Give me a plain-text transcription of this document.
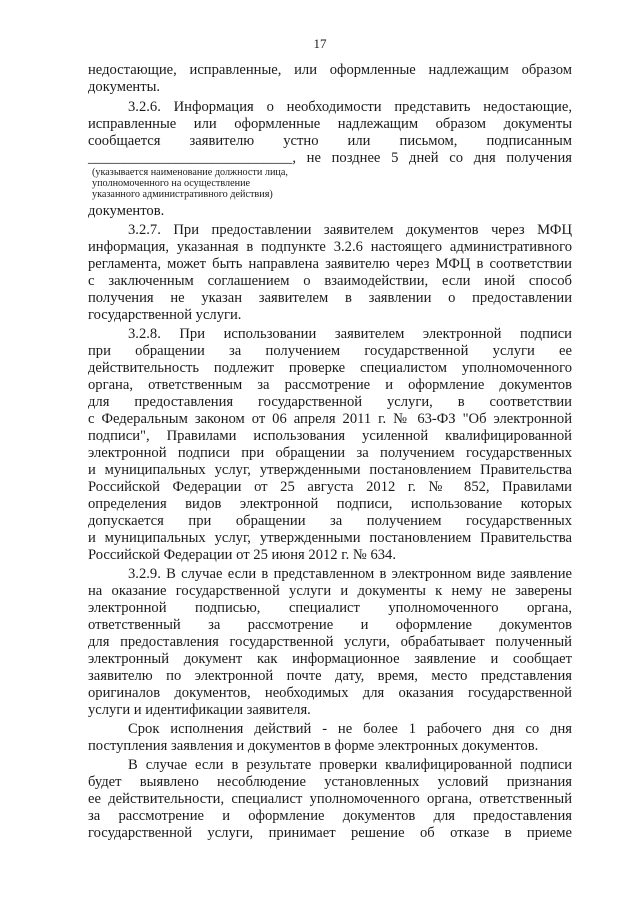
17
недостающие, исправленные, или оформленные надлежащим образом
документы.
3.2.6. Информация о необходимости представить недостающие,
исправленные или оформленные надлежащим образом документы
сообщается заявителю устно или письмом, подписанным
____________________________, не позднее 5 дней со дня получения
(указывается наименование должности лица,
уполномоченного на осуществление
указанного административного действия)
документов.
3.2.7. При предоставлении заявителем документов через МФЦ
информация, указанная в подпункте 3.2.6 настоящего административного
регламента, может быть направлена заявителю через МФЦ в соответствии
с заключенным соглашением о взаимодействии, если иной способ
получения не указан заявителем в заявлении о предоставлении
государственной услуги.
3.2.8. При использовании заявителем электронной подписи
при обращении за получением государственной услуги ее
действительность подлежит проверке специалистом уполномоченного
органа, ответственным за рассмотрение и оформление документов
для предоставления государственной услуги, в соответствии
с Федеральным законом от 06 апреля 2011 г. № 63-ФЗ "Об электронной
подписи", Правилами использования усиленной квалифицированной
электронной подписи при обращении за получением государственных
и муниципальных услуг, утвержденными постановлением Правительства
Российской Федерации от 25 августа 2012 г. № 852, Правилами
определения видов электронной подписи, использование которых
допускается при обращении за получением государственных
и муниципальных услуг, утвержденными постановлением Правительства
Российской Федерации от 25 июня 2012 г. № 634.
3.2.9. В случае если в представленном в электронном виде заявление
на оказание государственной услуги и документы к нему не заверены
электронной подписью, специалист уполномоченного органа,
ответственный за рассмотрение и оформление документов
для предоставления государственной услуги, обрабатывает полученный
электронный документ как информационное заявление и сообщает
заявителю по электронной почте дату, время, место представления
оригиналов документов, необходимых для оказания государственной
услуги и идентификации заявителя.
Срок исполнения действий - не более 1 рабочего дня со дня
поступления заявления и документов в форме электронных документов.
В случае если в результате проверки квалифицированной подписи
будет выявлено несоблюдение установленных условий признания
ее действительности, специалист уполномоченного органа, ответственный
за рассмотрение и оформление документов для предоставления
государственной услуги, принимает решение об отказе в приеме
